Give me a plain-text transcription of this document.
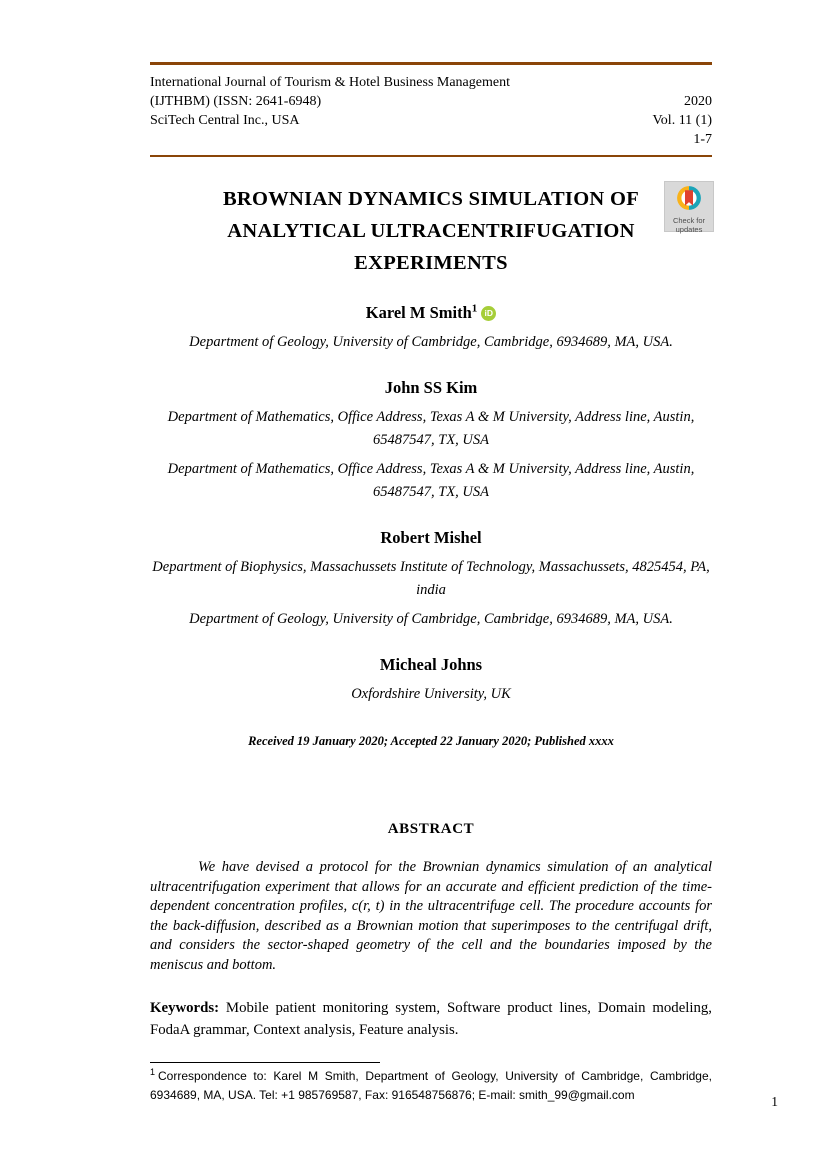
International Journal of Tourism & Hotel Business Management
(IJTHBM) (ISSN: 2641-6948)	2020
SciTech Central Inc., USA	Vol. 11 (1)
1-7
BROWNIAN DYNAMICS SIMULATION OF
ANALYTICAL ULTRACENTRIFUGATION
EXPERIMENTS
Karel M Smith$^1$ iD
Department of Geology, University of Cambridge, Cambridge, 6934689, MA, USA.
John SS Kim
Department of Mathematics, Office Address, Texas A & M University, Address line, Austin, 65487547, TX, USA
Department of Mathematics, Office Address, Texas A & M University, Address line, Austin, 65487547, TX, USA
Robert Mishel
Department of Biophysics, Massachussets Institute of Technology, Massachussets, 4825454, PA, india
Department of Geology, University of Cambridge, Cambridge, 6934689, MA, USA.
Micheal Johns
Oxfordshire University, UK
Received 19 January 2020; Accepted 22 January 2020; Published xxxx
ABSTRACT

We have devised a protocol for the Brownian dynamics simulation of an analytical ultracentrifugation experiment that allows for an accurate and efficient prediction of the time-dependent concentration profiles, c(r, t) in the ultracentrifuge cell. The procedure accounts for the back-diffusion, described as a Brownian motion that superimposes to the centrifugal drift, and considers the sector-shaped geometry of the cell and the boundaries imposed by the meniscus and bottom.

Keywords: Mobile patient monitoring system, Software product lines, Domain modeling, FodaA grammar, Context analysis, Feature analysis.

$^1$ Correspondence to: Karel M Smith, Department of Geology, University of Cambridge, Cambridge, 6934689, MA, USA. Tel: +1 985769587, Fax: 916548756876; E-mail: smith_99@gmail.com

Check for
updates
1
